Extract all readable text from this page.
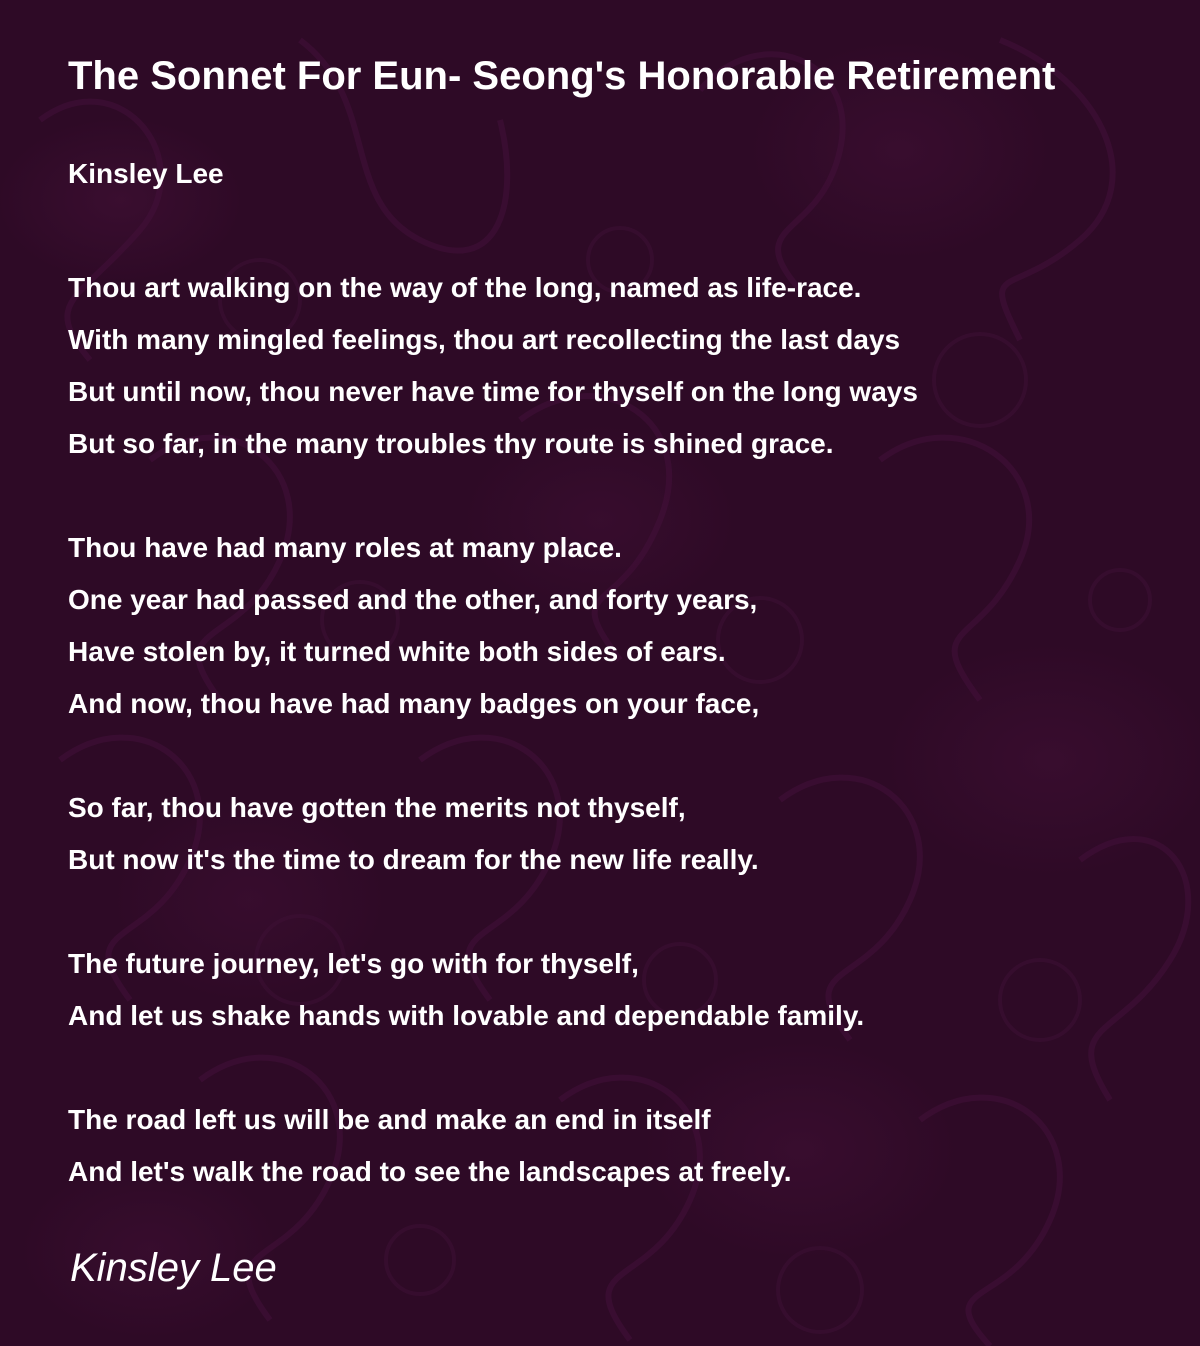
The Sonnet For Eun- Seong's Honorable Retirement
Kinsley Lee
Thou art walking on the way of the long, named as life-race.
With many mingled feelings, thou art recollecting the last days
But until now, thou never have time for thyself on the long ways
But so far, in the many troubles thy route is shined grace.
Thou have had many roles at many place.
One year had passed and the other, and forty years,
Have stolen by, it turned white both sides of ears.
And now, thou have had many badges on your face,
So far, thou have gotten the merits not thyself,
But now it's the time to dream for the new life really.
The future journey, let's go with for thyself,
And let us shake hands with lovable and dependable family.
The road left us will be and make an end in itself
And let's walk the road to see the landscapes at freely.
Kinsley Lee
